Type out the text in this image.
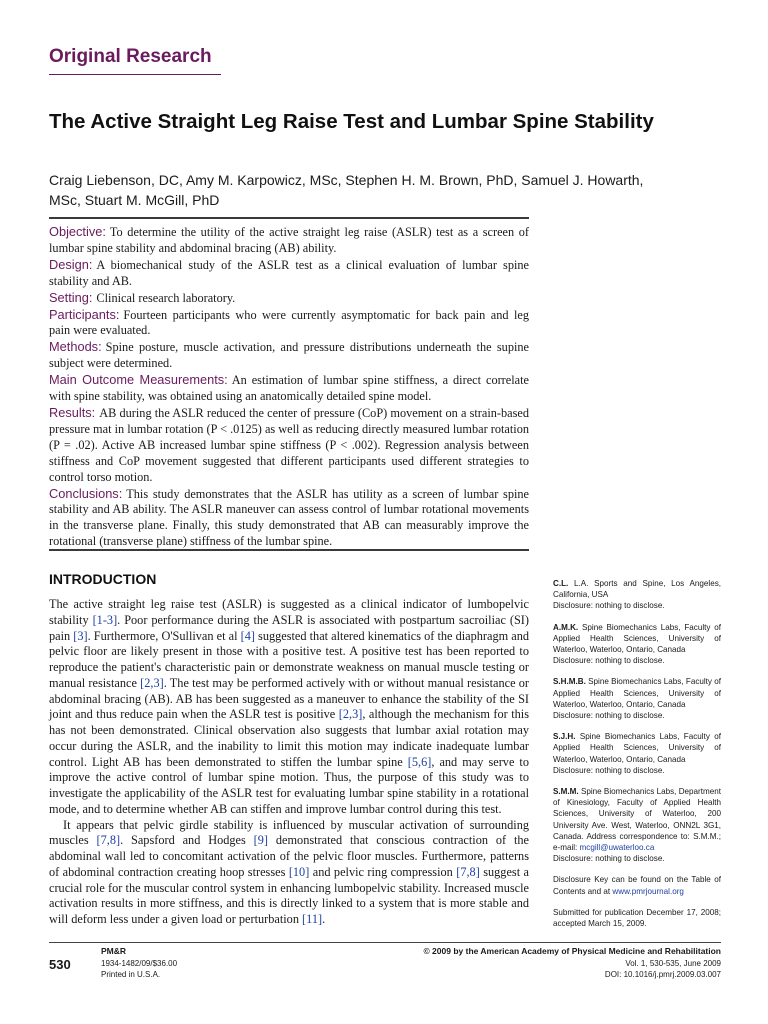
Original Research
The Active Straight Leg Raise Test and Lumbar Spine Stability
Craig Liebenson, DC, Amy M. Karpowicz, MSc, Stephen H. M. Brown, PhD, Samuel J. Howarth, MSc, Stuart M. McGill, PhD

Objective: To determine the utility of the active straight leg raise (ASLR) test as a screen of lumbar spine stability and abdominal bracing (AB) ability.

Design: A biomechanical study of the ASLR test as a clinical evaluation of lumbar spine stability and AB.

Setting: Clinical research laboratory.

Participants: Fourteen participants who were currently asymptomatic for back pain and leg pain were evaluated.

Methods: Spine posture, muscle activation, and pressure distributions underneath the supine subject were determined.

Main Outcome Measurements: An estimation of lumbar spine stiffness, a direct correlate with spine stability, was obtained using an anatomically detailed spine model.

Results: AB during the ASLR reduced the center of pressure (CoP) movement on a strain-based pressure mat in lumbar rotation (P < .0125) as well as reducing directly measured lumbar rotation (P = .02). Active AB increased lumbar spine stiffness (P < .002). Regression analysis between stiffness and CoP movement suggested that different participants used different strategies to control torso motion.

Conclusions: This study demonstrates that the ASLR has utility as a screen of lumbar spine stability and AB ability. The ASLR maneuver can assess control of lumbar rotational movements in the transverse plane. Finally, this study demonstrated that AB can measurably improve the rotational (transverse plane) stiffness of the lumbar spine.

INTRODUCTION

The active straight leg raise test (ASLR) is suggested as a clinical indicator of lumbopelvic stability [1-3]. Poor performance during the ASLR is associated with postpartum sacroiliac (SI) pain [3]. Furthermore, O'Sullivan et al [4] suggested that altered kinematics of the diaphragm and pelvic floor are likely present in those with a positive test. A positive test has been reported to reproduce the patient's characteristic pain or demonstrate weakness on manual muscle testing or manual resistance [2,3]. The test may be performed actively with or without manual resistance or abdominal bracing (AB). AB has been suggested as a maneuver to enhance the stability of the SI joint and thus reduce pain when the ASLR test is positive [2,3], although the mechanism for this has not been demonstrated. Clinical observation also suggests that lumbar axial rotation may occur during the ASLR, and the inability to limit this motion may indicate inadequate lumbar control. Light AB has been demonstrated to stiffen the lumbar spine [5,6], and may serve to improve the active control of lumbar spine motion. Thus, the purpose of this study was to investigate the applicability of the ASLR test for evaluating lumbar spine stability in a rotational mode, and to determine whether AB can stiffen and improve lumbar control during this test.

It appears that pelvic girdle stability is influenced by muscular activation of surrounding muscles [7,8]. Sapsford and Hodges [9] demonstrated that conscious contraction of the abdominal wall led to concomitant activation of the pelvic floor muscles. Furthermore, patterns of abdominal contraction creating hoop stresses [10] and pelvic ring compression [7,8] suggest a crucial role for the muscular control system in enhancing lumbopelvic stability. Increased muscle activation results in more stiffness, and this is directly linked to a system that is more stable and will deform less under a given load or perturbation [11].

C.L. L.A. Sports and Spine, Los Angeles, California, USA
Disclosure: nothing to disclose.

A.M.K. Spine Biomechanics Labs, Faculty of Applied Health Sciences, University of Waterloo, Waterloo, Ontario, Canada
Disclosure: nothing to disclose.

S.H.M.B. Spine Biomechanics Labs, Faculty of Applied Health Sciences, University of Waterloo, Waterloo, Ontario, Canada
Disclosure: nothing to disclose.

S.J.H. Spine Biomechanics Labs, Faculty of Applied Health Sciences, University of Waterloo, Waterloo, Ontario, Canada
Disclosure: nothing to disclose.

S.M.M. Spine Biomechanics Labs, Department of Kinesiology, Faculty of Applied Health Sciences, University of Waterloo, 200 University Ave. West, Waterloo, ONN2L 3G1, Canada. Address correspondence to: S.M.M.; e-mail: mcgill@uwaterloo.ca
Disclosure: nothing to disclose.

Disclosure Key can be found on the Table of Contents and at www.pmrjournal.org

Submitted for publication December 17, 2008; accepted March 15, 2009.

530
PM&R
1934-1482/09/$36.00
Printed in U.S.A.
© 2009 by the American Academy of Physical Medicine and Rehabilitation
Vol. 1, 530-535, June 2009
DOI: 10.1016/j.pmrj.2009.03.007
